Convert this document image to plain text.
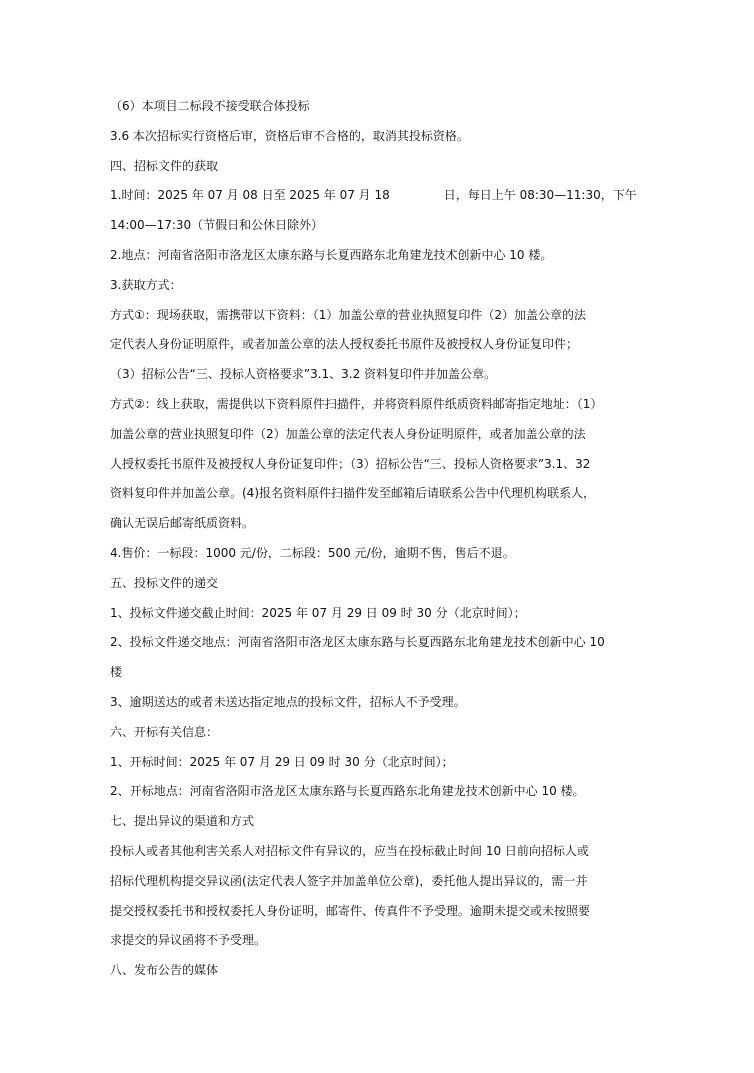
（6）本项目二标段不接受联合体投标
3.6 本次招标实行资格后审，资格后审不合格的，取消其投标资格。
四、招标文件的获取
1.时间：2025 年 07 月 08 日至 2025 年 07 月 18	日，每日上午 08:30—11:30，下午
14:00—17:30（节假日和公休日除外）
2.地点：河南省洛阳市洛龙区太康东路与长夏西路东北角建龙技术创新中心 10 楼。
3.获取方式：
方式①：现场获取，需携带以下资料：（1）加盖公章的营业执照复印件（2）加盖公章的法
定代表人身份证明原件，或者加盖公章的法人授权委托书原件及被授权人身份证复印件；
（3）招标公告“三、投标人资格要求”3.1、3.2 资料复印件并加盖公章。
方式②：线上获取，需提供以下资料原件扫描件，并将资料原件纸质资料邮寄指定地址：（1）
加盖公章的营业执照复印件（2）加盖公章的法定代表人身份证明原件，或者加盖公章的法
人授权委托书原件及被授权人身份证复印件；（3）招标公告“三、投标人资格要求”3.1、32
资料复印件并加盖公章。(4)报名资料原件扫描件发至邮箱后请联系公告中代理机构联系人，
确认无误后邮寄纸质资料。
4.售价：一标段：1000 元/份，二标段：500 元/份，逾期不售，售后不退。
五、投标文件的递交
1、投标文件递交截止时间：2025 年 07 月 29 日 09 时 30 分（北京时间）；
2、投标文件递交地点：河南省洛阳市洛龙区太康东路与长夏西路东北角建龙技术创新中心 10
楼
3、逾期送达的或者未送达指定地点的投标文件，招标人不予受理。
六、开标有关信息：
1、开标时间：2025 年 07 月 29 日 09 时 30 分（北京时间）；
2、开标地点：河南省洛阳市洛龙区太康东路与长夏西路东北角建龙技术创新中心 10 楼。
七、提出异议的渠道和方式
投标人或者其他利害关系人对招标文件有异议的，应当在投标截止时间 10 日前向招标人或
招标代理机构提交异议函(法定代表人签字并加盖单位公章)，委托他人提出异议的，需一并
提交授权委托书和授权委托人身份证明，邮寄件、传真件不予受理。逾期未提交或未按照要
求提交的异议函将不予受理。
八、发布公告的媒体
